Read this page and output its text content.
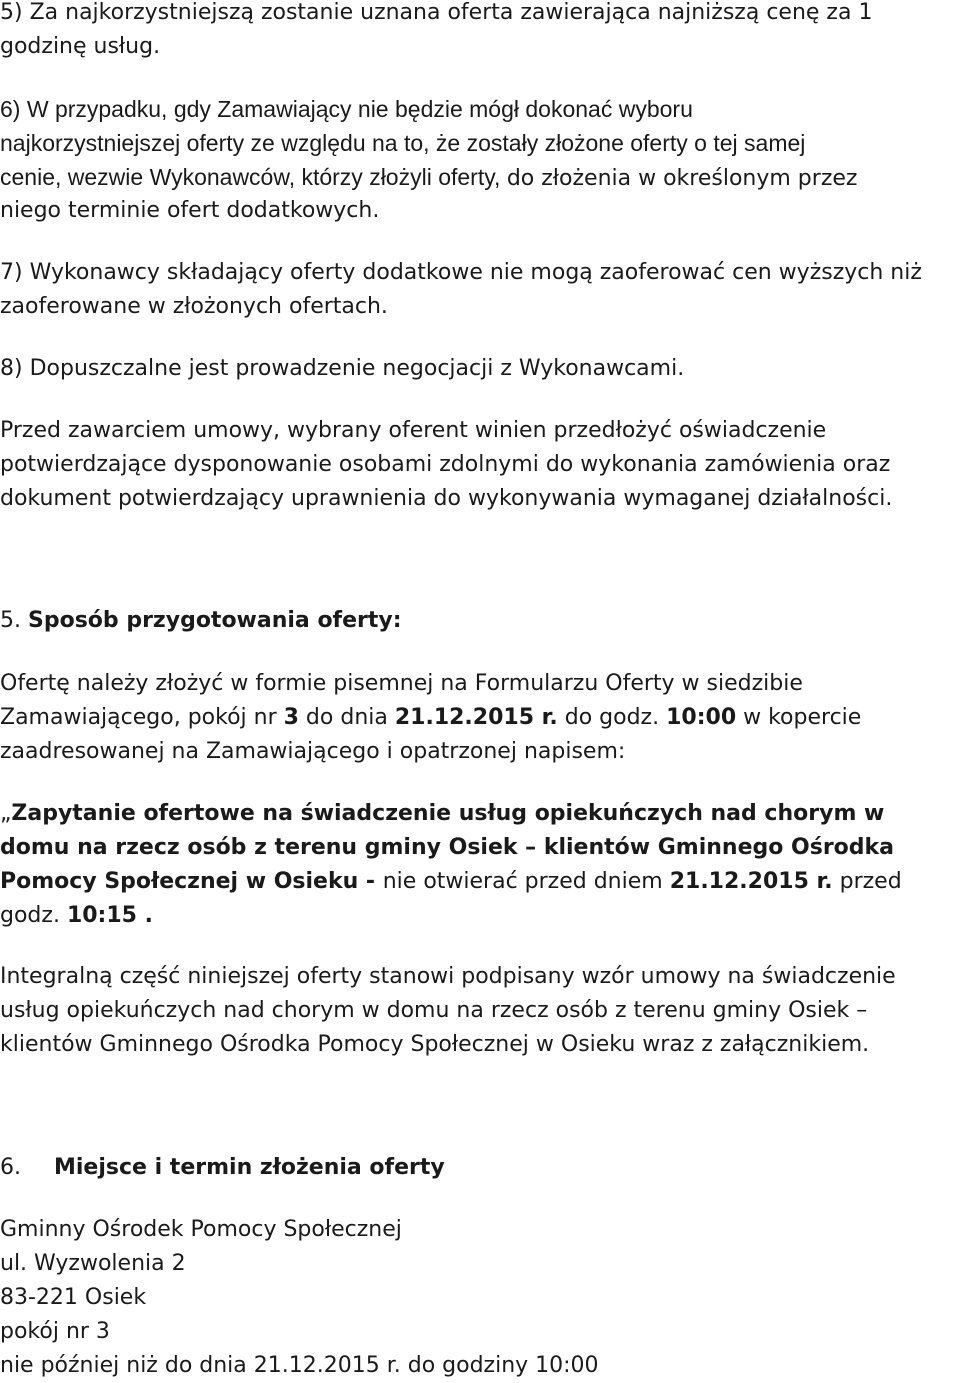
5) Za najkorzystniejszą zostanie uznana oferta zawierająca najniższą cenę za 1
godzinę usług.
6) W przypadku, gdy Zamawiający nie będzie mógł dokonać wyboru
najkorzystniejszej oferty ze względu na to, że zostały złożone oferty o tej samej
cenie, wezwie Wykonawców, którzy złożyli oferty, do złożenia w określonym przez
niego terminie ofert dodatkowych.
7) Wykonawcy składający oferty dodatkowe nie mogą zaoferować cen wyższych niż
zaoferowane w złożonych ofertach.
8) Dopuszczalne jest prowadzenie negocjacji z Wykonawcami.
Przed zawarciem umowy, wybrany oferent winien przedłożyć oświadczenie
potwierdzające dysponowanie osobami zdolnymi do wykonania zamówienia oraz
dokument potwierdzający uprawnienia do wykonywania wymaganej działalności.
5. Sposób przygotowania oferty:
Ofertę należy złożyć w formie pisemnej na Formularzu Oferty w siedzibie
Zamawiającego, pokój nr 3 do dnia 21.12.2015 r. do godz. 10:00 w kopercie
zaadresowanej na Zamawiającego i opatrzonej napisem:
„Zapytanie ofertowe na świadczenie usług opiekuńczych nad chorym w
domu na rzecz osób z terenu gminy Osiek – klientów Gminnego Ośrodka
Pomocy Społecznej w Osieku - nie otwierać przed dniem 21.12.2015 r. przed
godz. 10:15 .
Integralną część niniejszej oferty stanowi podpisany wzór umowy na świadczenie
usług opiekuńczych nad chorym w domu na rzecz osób z terenu gminy Osiek –
klientów Gminnego Ośrodka Pomocy Społecznej w Osieku wraz z załącznikiem.
6. Miejsce i termin złożenia oferty
Gminny Ośrodek Pomocy Społecznej
ul. Wyzwolenia 2
83-221 Osiek
pokój nr 3
nie później niż do dnia 21.12.2015 r. do godziny 10:00
